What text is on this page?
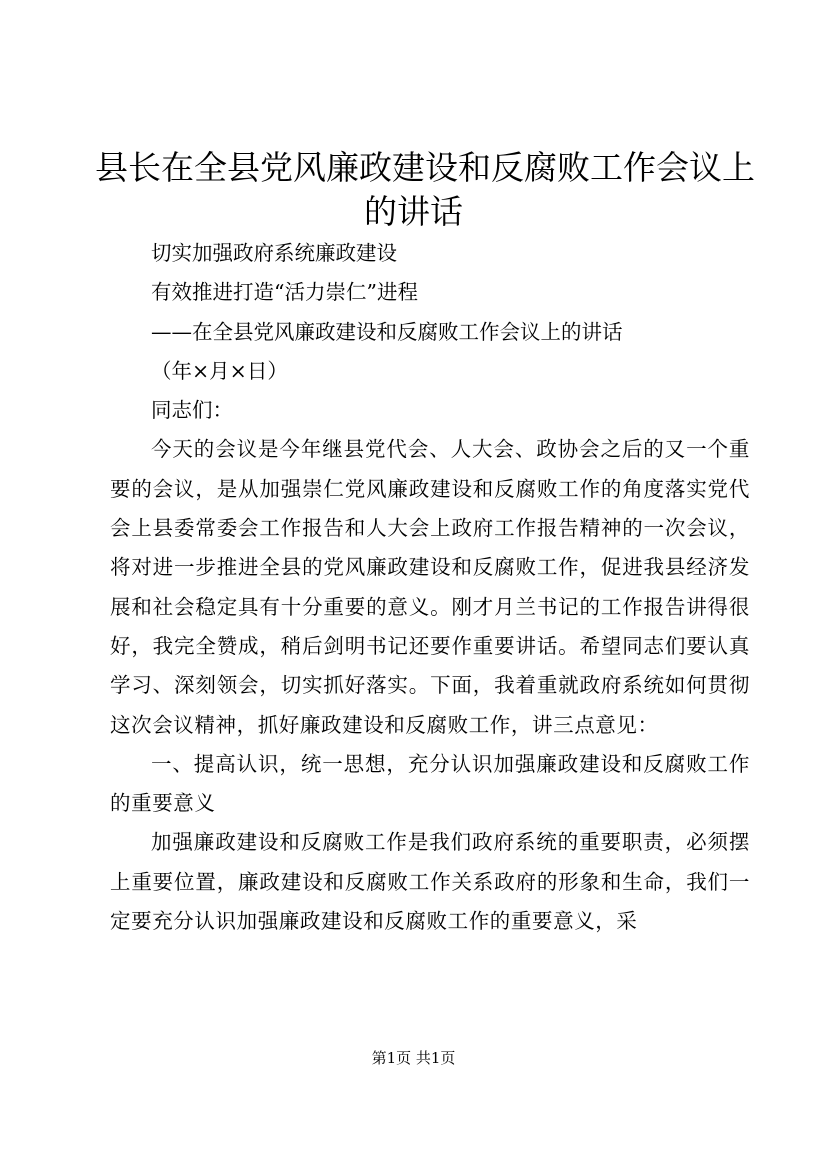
县长在全县党风廉政建设和反腐败工作会议上
的讲话

切实加强政府系统廉政建设

有效推进打造“活力崇仁”进程

——在全县党风廉政建设和反腐败工作会议上的讲话

（年×月×日）

同志们：

今天的会议是今年继县党代会、人大会、政协会之后的又一个重要的会议，是从加强崇仁党风廉政建设和反腐败工作的角度落实党代会上县委常委会工作报告和人大会上政府工作报告精神的一次会议，将对进一步推进全县的党风廉政建设和反腐败工作，促进我县经济发展和社会稳定具有十分重要的意义。刚才月兰书记的工作报告讲得很好，我完全赞成，稍后剑明书记还要作重要讲话。希望同志们要认真学习、深刻领会，切实抓好落实。下面，我着重就政府系统如何贯彻这次会议精神，抓好廉政建设和反腐败工作，讲三点意见：

一、提高认识，统一思想，充分认识加强廉政建设和反腐败工作的重要意义

加强廉政建设和反腐败工作是我们政府系统的重要职责，必须摆上重要位置，廉政建设和反腐败工作关系政府的形象和生命，我们一定要充分认识加强廉政建设和反腐败工作的重要意义，采

第1页 共1页
